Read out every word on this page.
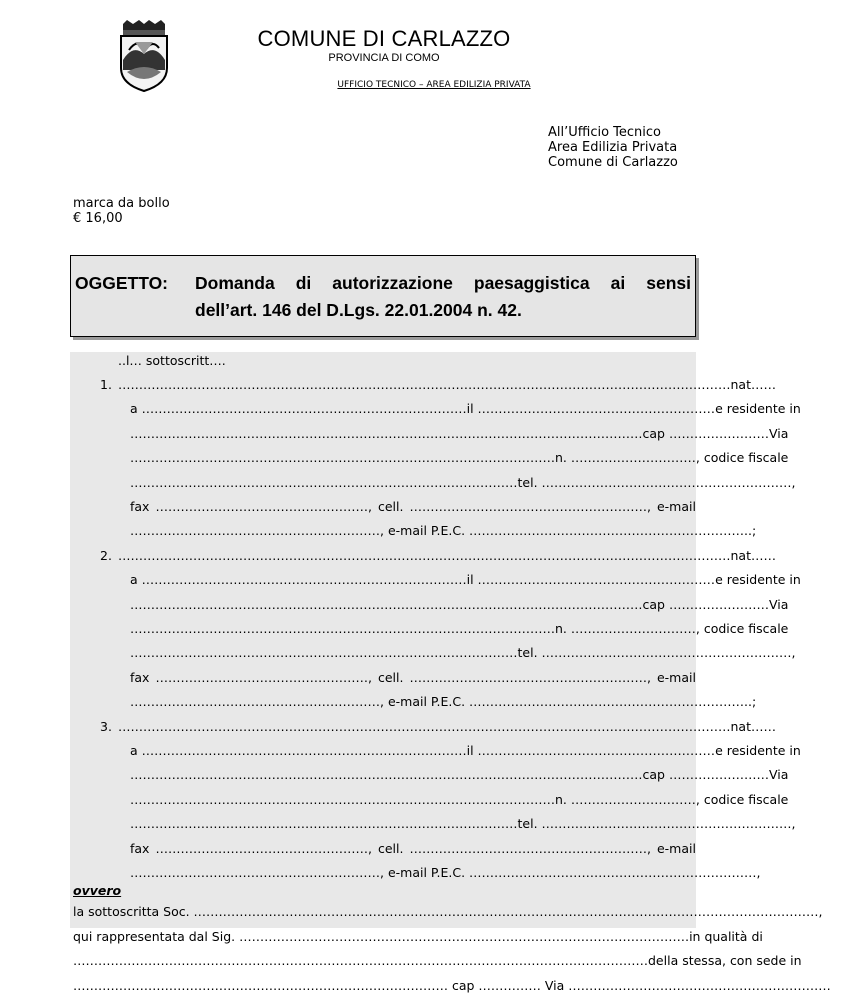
COMUNE DI CARLAZZO
PROVINCIA DI COMO
UFFICIO TECNICO – AREA EDILIZIA PRIVATA
All’Ufficio Tecnico
Area Edilizia Privata
Comune di Carlazzo
marca da bollo
€ 16,00
OGGETTO: Domanda di autorizzazione paesaggistica ai sensi
dell’art. 146 del D.Lgs. 22.01.2004 n. 42.
..l… sottoscritt….
1. ………………………………………………………………………………………………………………………………… nat……
a …………………………………………………………………… il ………………………………………………… e residente in
…………………………………………………………………………………………………………… cap …………………… Via
………………………………………………………………………………………… n. …………………………, codice fiscale
………………………………………………………………………………… tel. ……………………………………………………,
fax ……………………………………………, cell. …………………………………………………, e-mail
……………………………………………………, e-mail P.E.C. …………………………………………………………..;
2. ………………………………………………………………………………………………………………………………… nat……
a …………………………………………………………………… il ………………………………………………… e residente in
…………………………………………………………………………………………………………… cap …………………… Via
………………………………………………………………………………………… n. …………………………, codice fiscale
………………………………………………………………………………… tel. ……………………………………………………,
fax ……………………………………………, cell. …………………………………………………, e-mail
……………………………………………………, e-mail P.E.C. …………………………………………………………..;
3. ………………………………………………………………………………………………………………………………… nat……
a …………………………………………………………………… il ………………………………………………… e residente in
…………………………………………………………………………………………………………… cap …………………… Via
………………………………………………………………………………………… n. …………………………, codice fiscale
………………………………………………………………………………… tel. ……………………………………………………,
fax ……………………………………………, cell. …………………………………………………, e-mail
……………………………………………………, e-mail P.E.C. ……………………………………………………………,
ovvero
la sottoscritta Soc. ……………………………………………………………………………………………………………………………………,
qui rappresentata dal Sig. ……………………………………………………………………………………………… in qualità di
………………………………………………………………………………………………………………………… della stessa, con sede in
……………………………………………………………………………… cap …………… Via ………………………………………………………
